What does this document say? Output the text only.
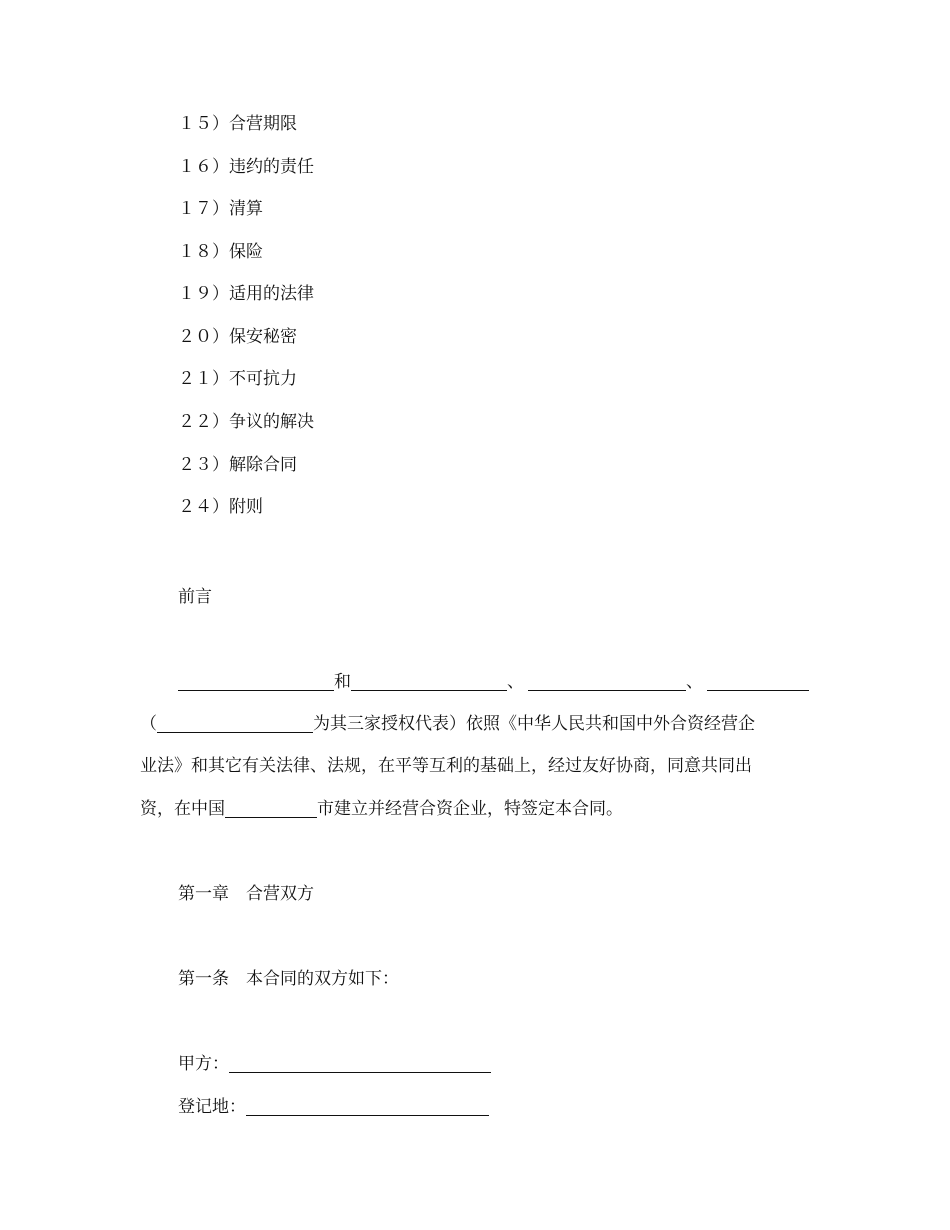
１５）合营期限
１６）违约的责任
１７）清算
１８）保险
１９）适用的法律
２０）保安秘密
２１）不可抗力
２２）争议的解决
２３）解除合同
２４）附则
前言
和	、	、
（	为其三家授权代表）依照《中华人民共和国中外合资经营企
业法》和其它有关法律、法规，在平等互利的基础上，经过友好协商，同意共同出
资，在中国	市建立并经营合资企业，特签定本合同。
第一章　合营双方
第一条　本合同的双方如下：
甲方：
登记地：
